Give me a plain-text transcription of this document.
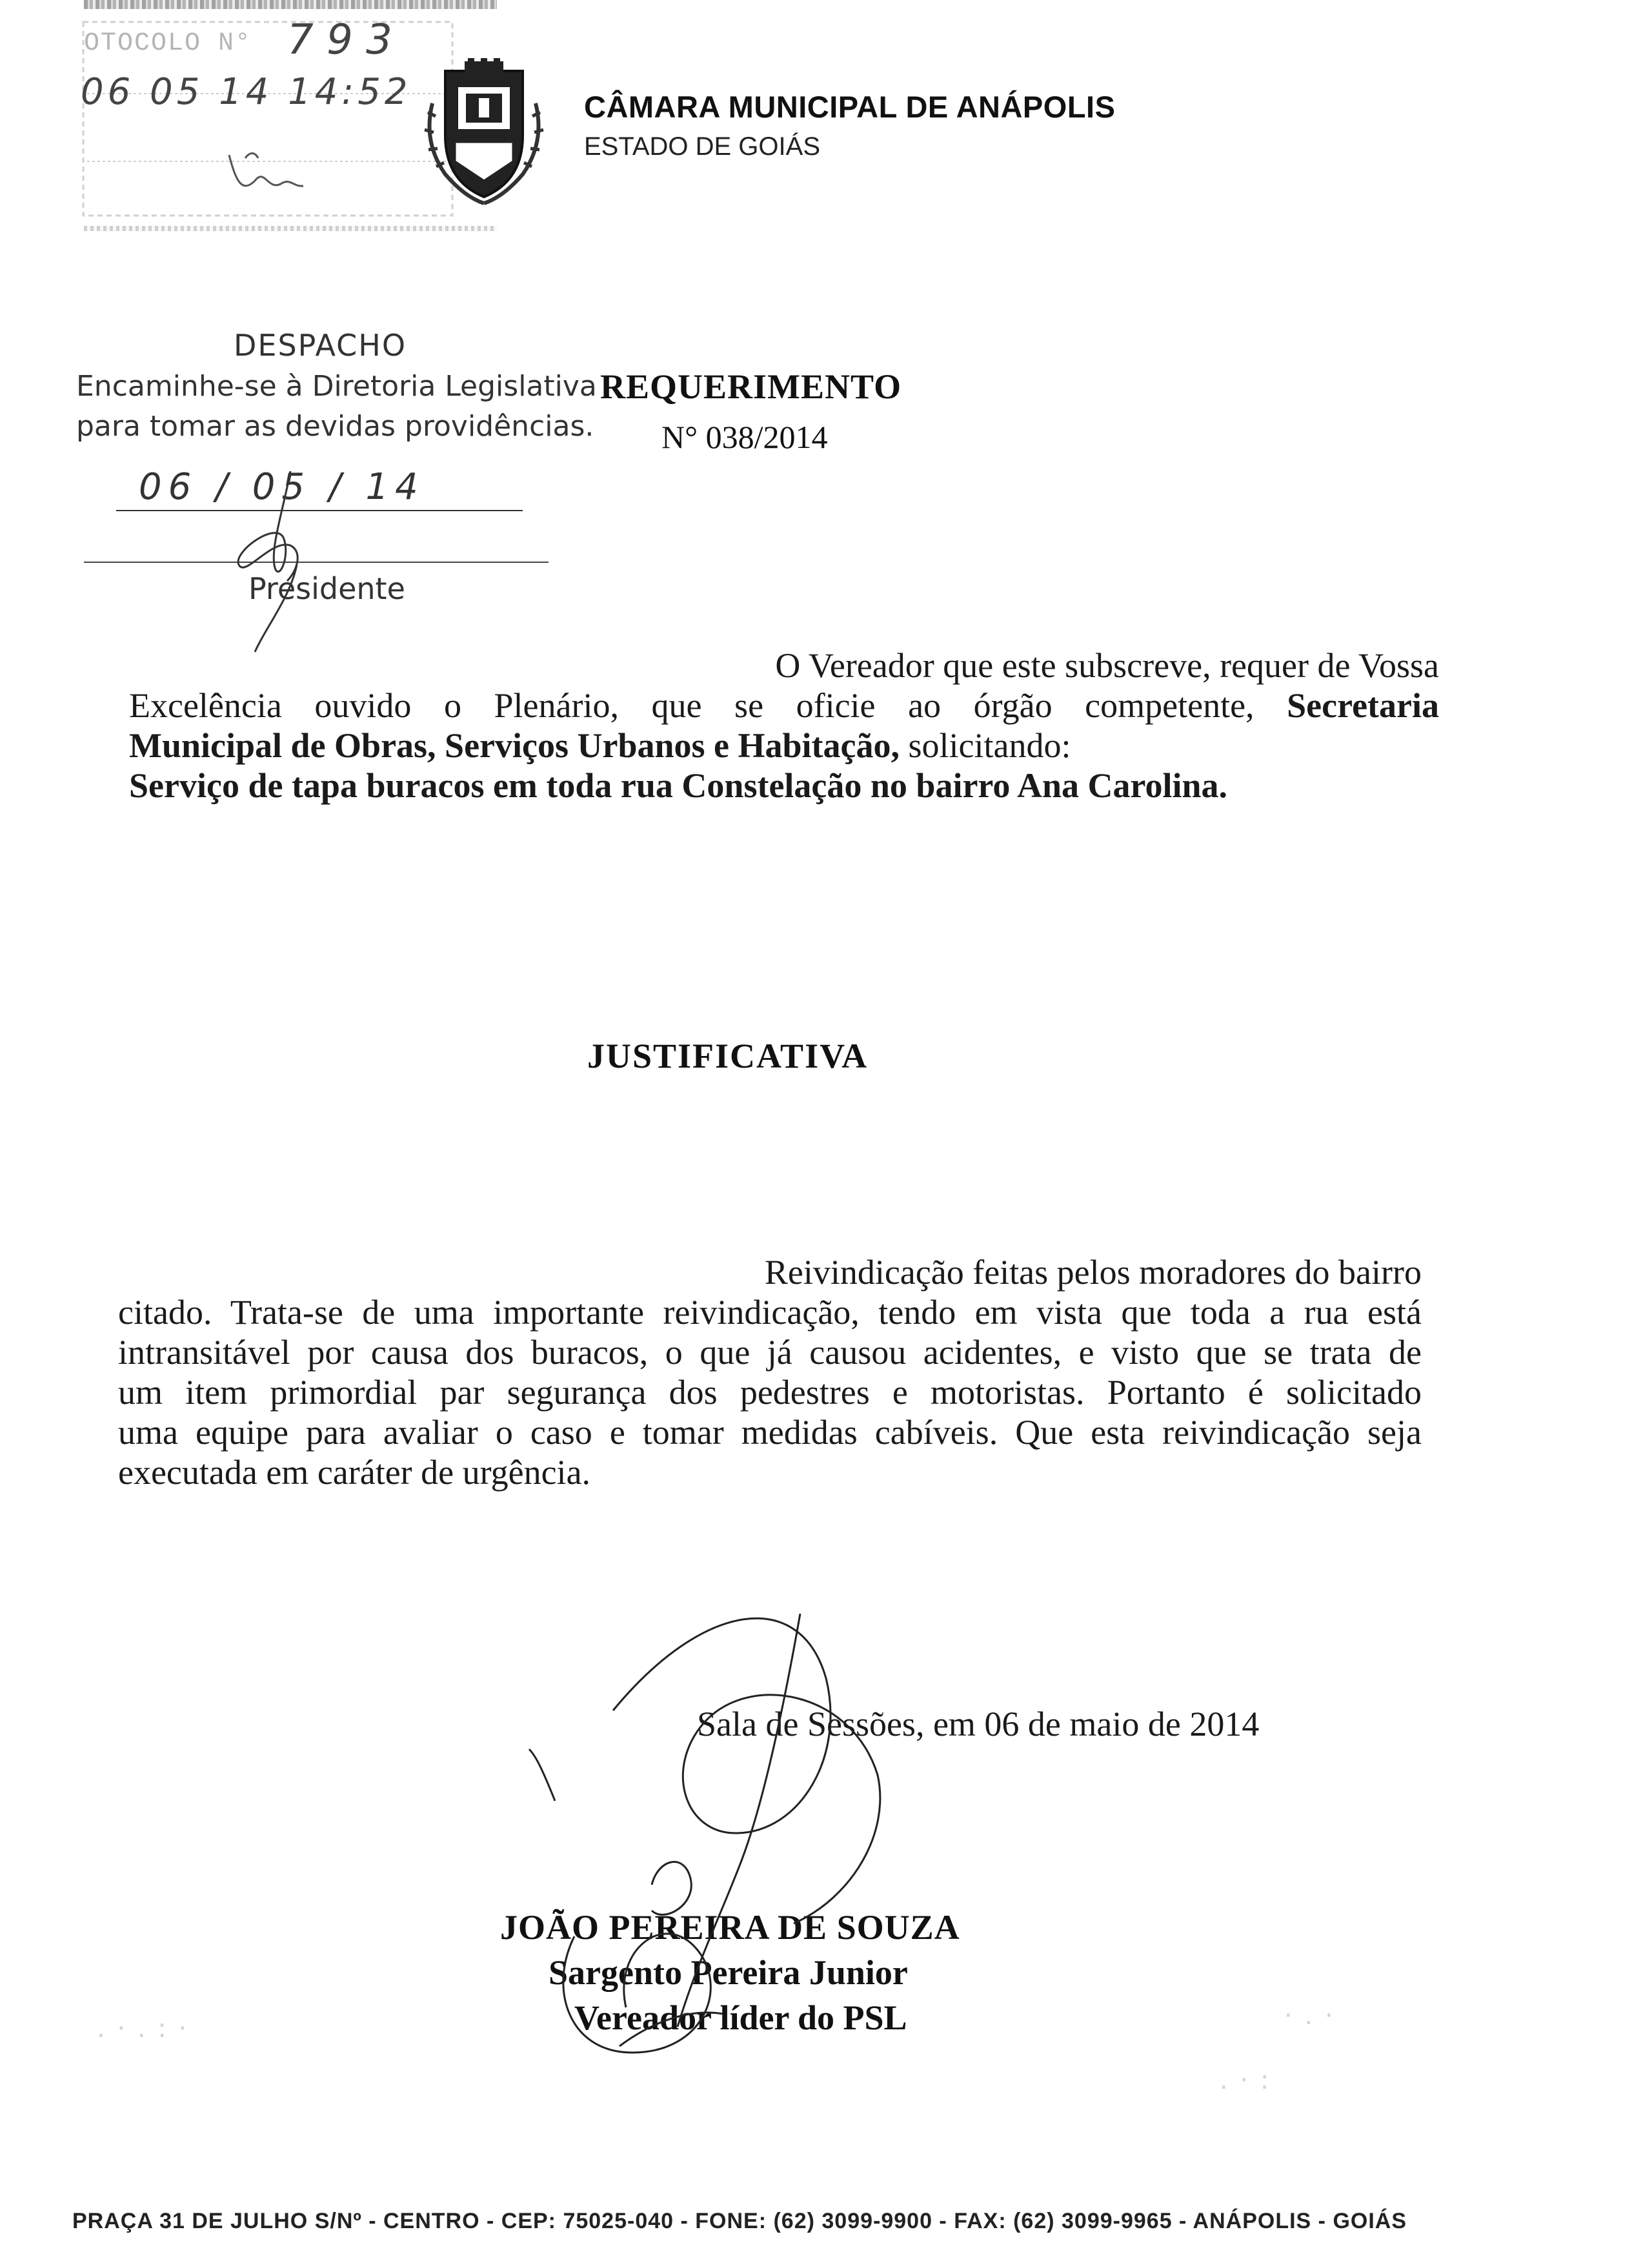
OTOCOLO N° 7 9 3
06 05 14 14:52	CÂMARA MUNICIPAL DE ANÁPOLIS
ESTADO DE GOIÁS
DESPACHO
Encaminhe-se à Diretoria Legislativa
para tomar as devidas providências.
06 / 05 / 14
Presidente
REQUERIMENTO
N° 038/2014
O Vereador que este subscreve, requer de Vossa
Excelência ouvido o Plenário, que se oficie ao órgão competente, Secretaria
Municipal de Obras, Serviços Urbanos e Habitação, solicitando:
Serviço de tapa buracos em toda rua Constelação no bairro Ana Carolina.
JUSTIFICATIVA
Reivindicação feitas pelos moradores do bairro
citado. Trata-se de uma importante reivindicação, tendo em vista que toda a rua está
intransitável por causa dos buracos, o que já causou acidentes, e visto que se trata de
um item primordial par segurança dos pedestres e motoristas. Portanto é solicitado
uma equipe para avaliar o caso e tomar medidas cabíveis. Que esta reivindicação seja
executada em caráter de urgência.
Sala de Sessões, em 06 de maio de 2014
JOÃO PEREIRA DE SOUZA
Sargento Pereira Junior
Vereador líder do PSL
. · . : ·	· . ·
. · :
PRAÇA 31 DE JULHO S/Nº - CENTRO - CEP: 75025-040 - FONE: (62) 3099-9900 - FAX: (62) 3099-9965 - ANÁPOLIS - GOIÁS
